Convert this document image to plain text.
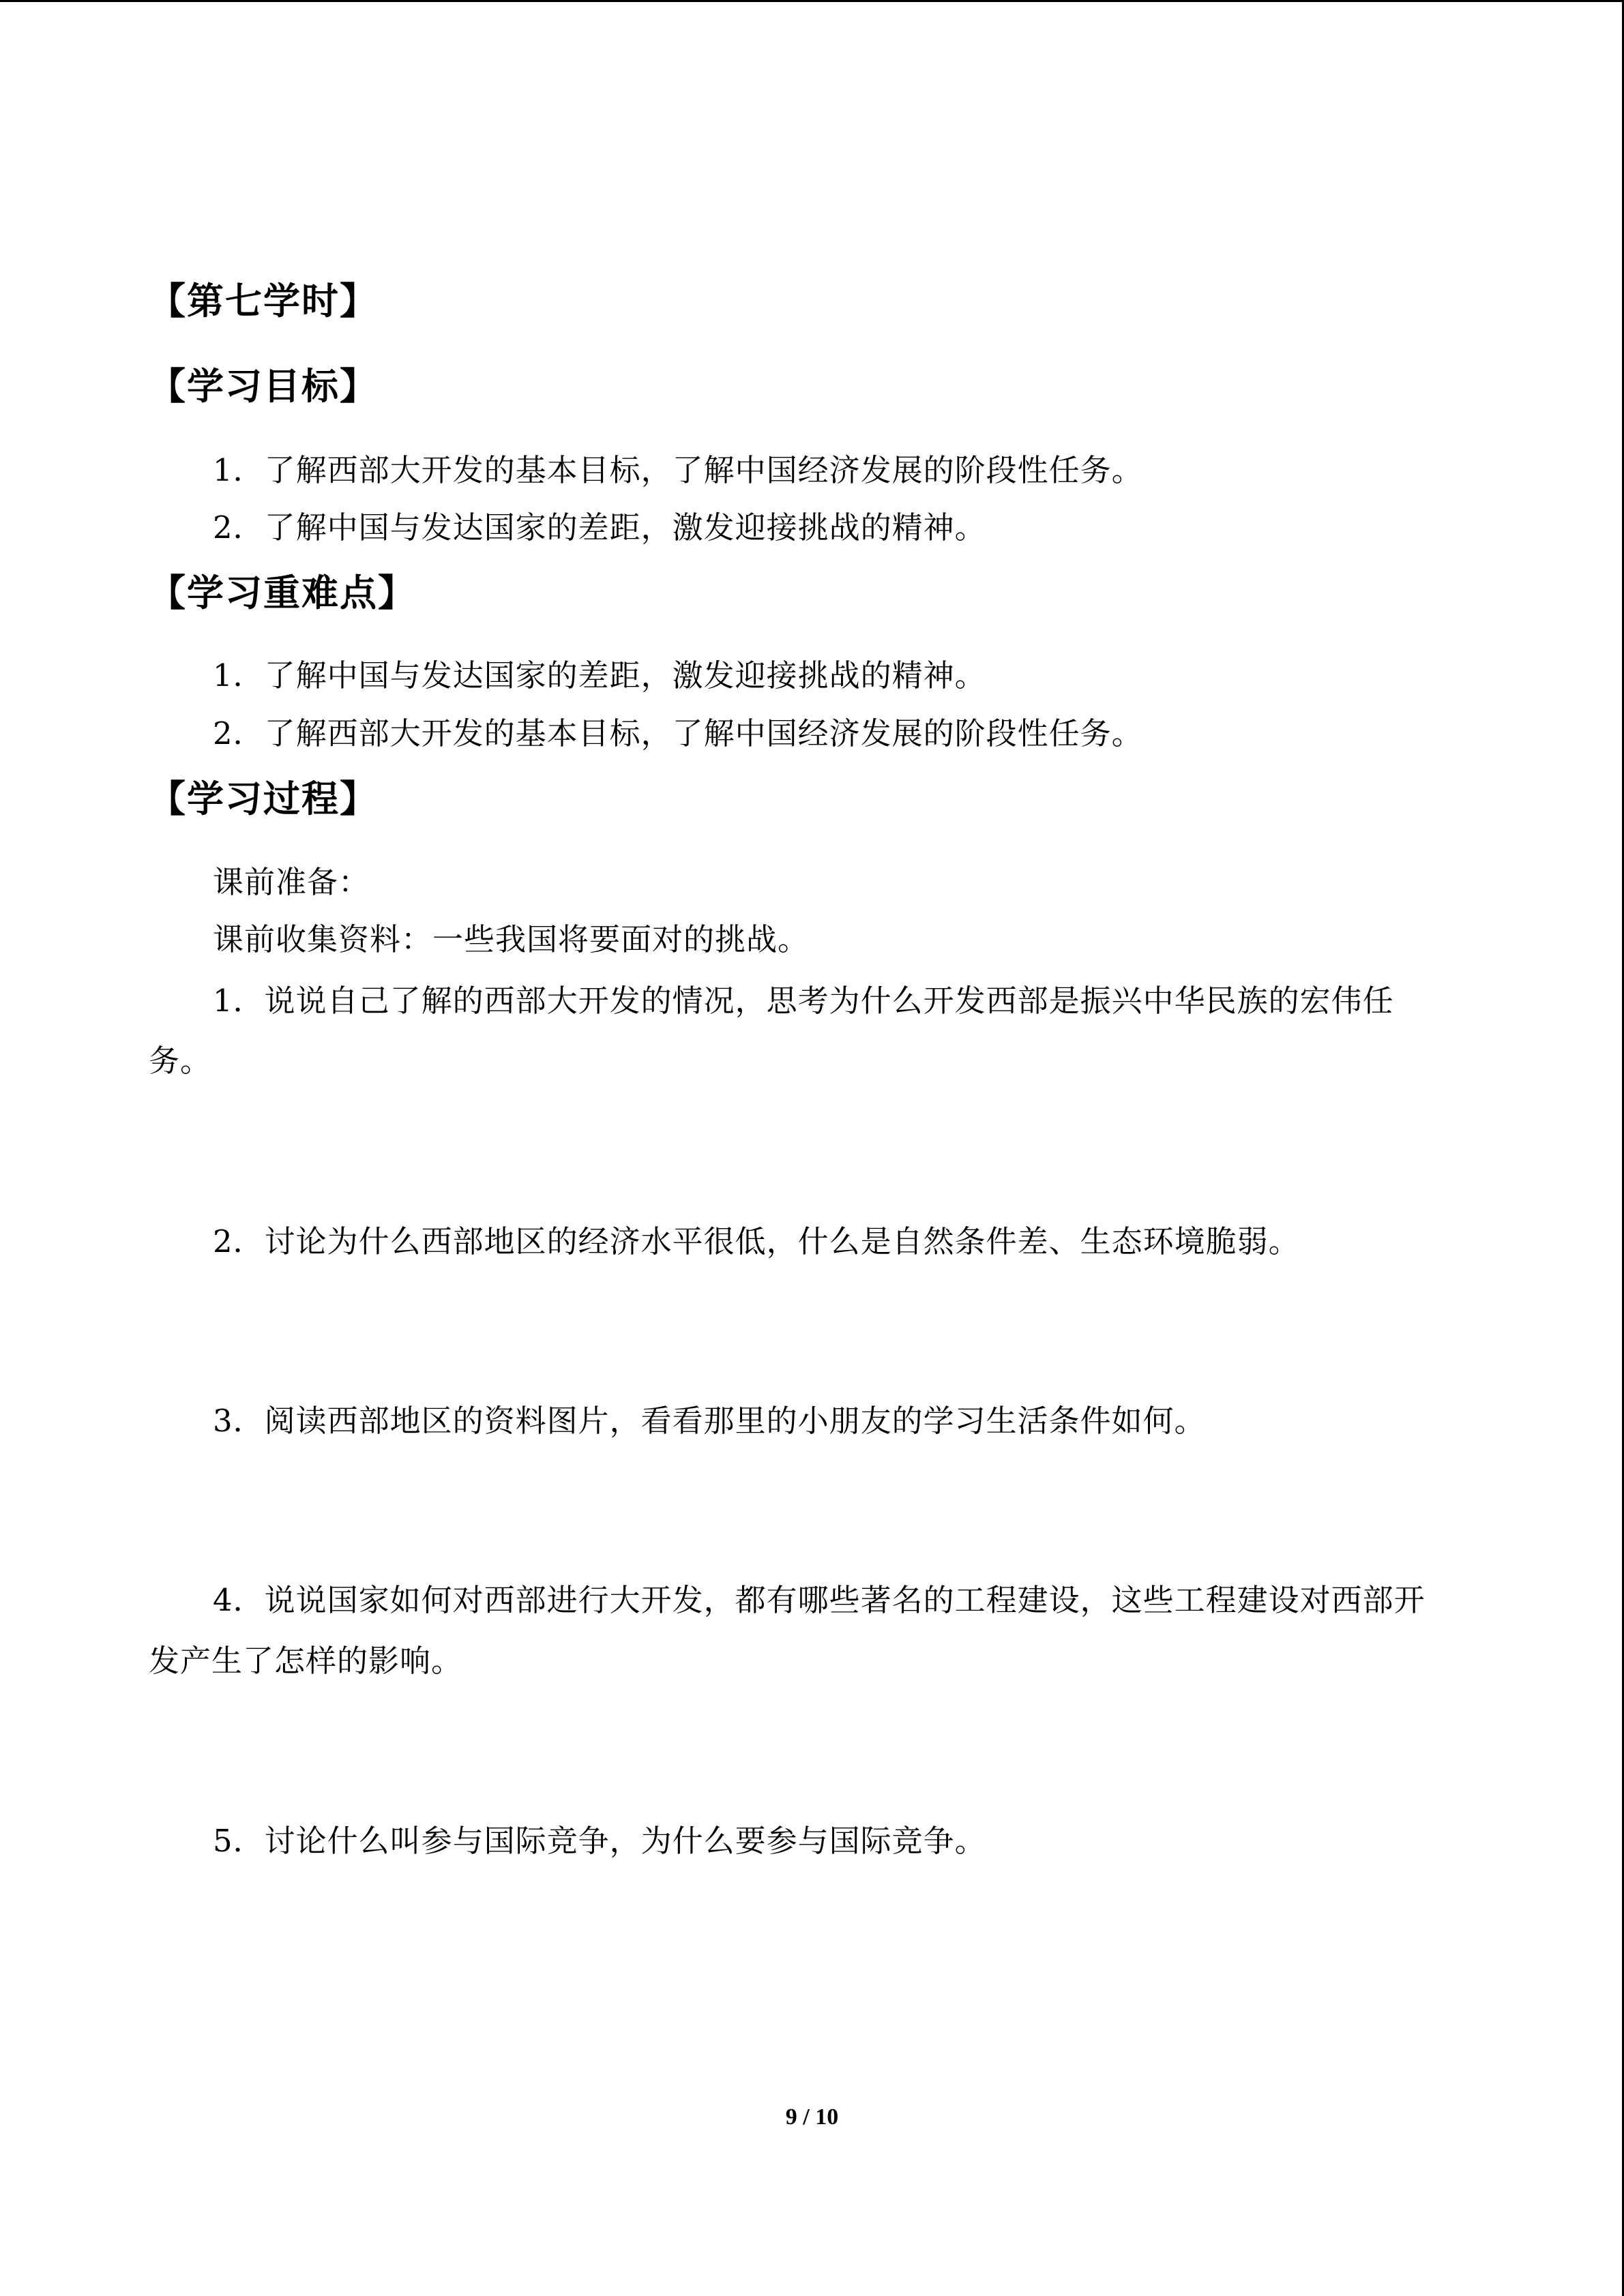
【第七学时】
【学习目标】
1．了解西部大开发的基本目标，了解中国经济发展的阶段性任务。
2．了解中国与发达国家的差距，激发迎接挑战的精神。
【学习重难点】
1．了解中国与发达国家的差距，激发迎接挑战的精神。
2．了解西部大开发的基本目标，了解中国经济发展的阶段性任务。
【学习过程】
课前准备：
课前收集资料：一些我国将要面对的挑战。
1．说说自己了解的西部大开发的情况，思考为什么开发西部是振兴中华民族的宏伟任
务。
2．讨论为什么西部地区的经济水平很低，什么是自然条件差、生态环境脆弱。
3．阅读西部地区的资料图片，看看那里的小朋友的学习生活条件如何。
4．说说国家如何对西部进行大开发，都有哪些著名的工程建设，这些工程建设对西部开
发产生了怎样的影响。
5．讨论什么叫参与国际竞争，为什么要参与国际竞争。
9 / 10
